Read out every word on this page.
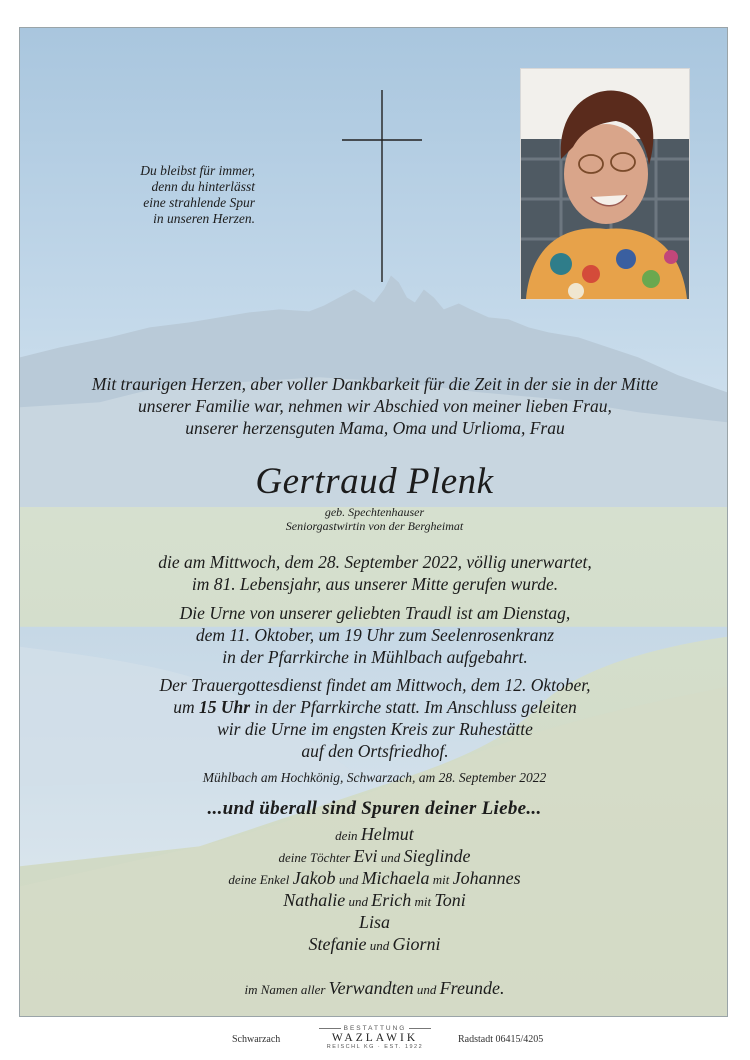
Du bleibst für immer,
denn du hinterlässt
eine strahlende Spur
in unseren Herzen.
Mit traurigen Herzen, aber voller Dankbarkeit für die Zeit in der sie in der Mitte
unserer Familie war, nehmen wir Abschied von meiner lieben Frau,
unserer herzensguten Mama, Oma und Urlioma, Frau
Gertraud Plenk
geb. Spechtenhauser
Seniorgastwirtin von der Bergheimat
die am Mittwoch, dem 28. September 2022, völlig unerwartet,
im 81. Lebensjahr, aus unserer Mitte gerufen wurde.
Die Urne von unserer geliebten Traudl ist am Dienstag,
dem 11. Oktober, um 19 Uhr zum Seelenrosenkranz
in der Pfarrkirche in Mühlbach aufgebahrt.
Der Trauergottesdienst findet am Mittwoch, dem 12. Oktober,
um 15 Uhr in der Pfarrkirche statt. Im Anschluss geleiten
wir die Urne im engsten Kreis zur Ruhestätte
auf den Ortsfriedhof.
Mühlbach am Hochkönig, Schwarzach, am 28. September 2022
...und überall sind Spuren deiner Liebe...
dein Helmut
deine Töchter Evi und Sieglinde
deine Enkel Jakob und Michaela mit Johannes
Nathalie und Erich mit Toni
Lisa
Stefanie und Giorni
im Namen aller Verwandten und Freunde.
Schwarzach
BESTATTUNG
WAZLAWIK
REISCHL KG · EST. 1922
Radstadt 06415/4205
